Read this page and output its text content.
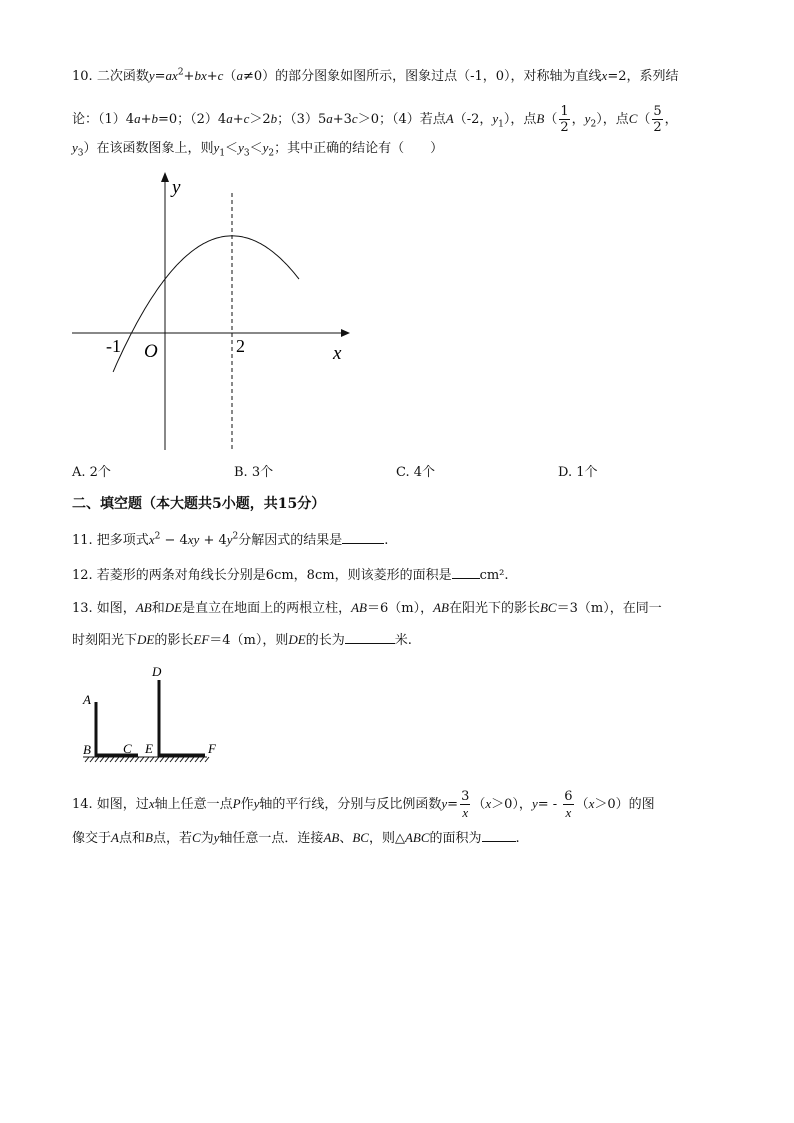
10. 二次函数$y=ax^2+bx+c(a\ne 0)$的部分图象如图所示，图象过点（-1，0），对称轴为直线x=2，系列结
论：（1）4a+b=0；（2）4a+c＞2b；（3）5a+3c＞0；（4）若点A（-2，$y_1$），点$B( \frac{1}{2}$ ，$y_2$），点$C( \frac{5}{2}$ ，
$y_3$）在该函数图象上，则$y_1<y_3<y_2$；其中正确的结论有（　　）
y
x
O
-1	2
A. 2个	B. 3个	C. 4个	D. 1个
二、填空题（本大题共5小题，共15分）
11. 把多项式$x^2 - 4xy + 4y^2$分解因式的结果是	.
12. 若菱形的两条对角线长分别是6cm，8cm，则该菱形的面积是 cm².
13. 如图，AB和DE是直立在地面上的两根立柱，AB＝6（m），AB在阳光下的影长BC＝3（m），在同一
时刻阳光下DE的影长EF＝4（m），则DE的长为	米.
A
B C
D
E	F
14. 如图，过x轴上任意一点P作y轴的平行线，分别与反比例函数$y= \frac{3}{x} (x>0)$，$y= - \frac{6}{x} (x>0)$的图
像交于A点和B点，若C为y轴任意一点．连接AB、BC，则△ABC的面积为	.
